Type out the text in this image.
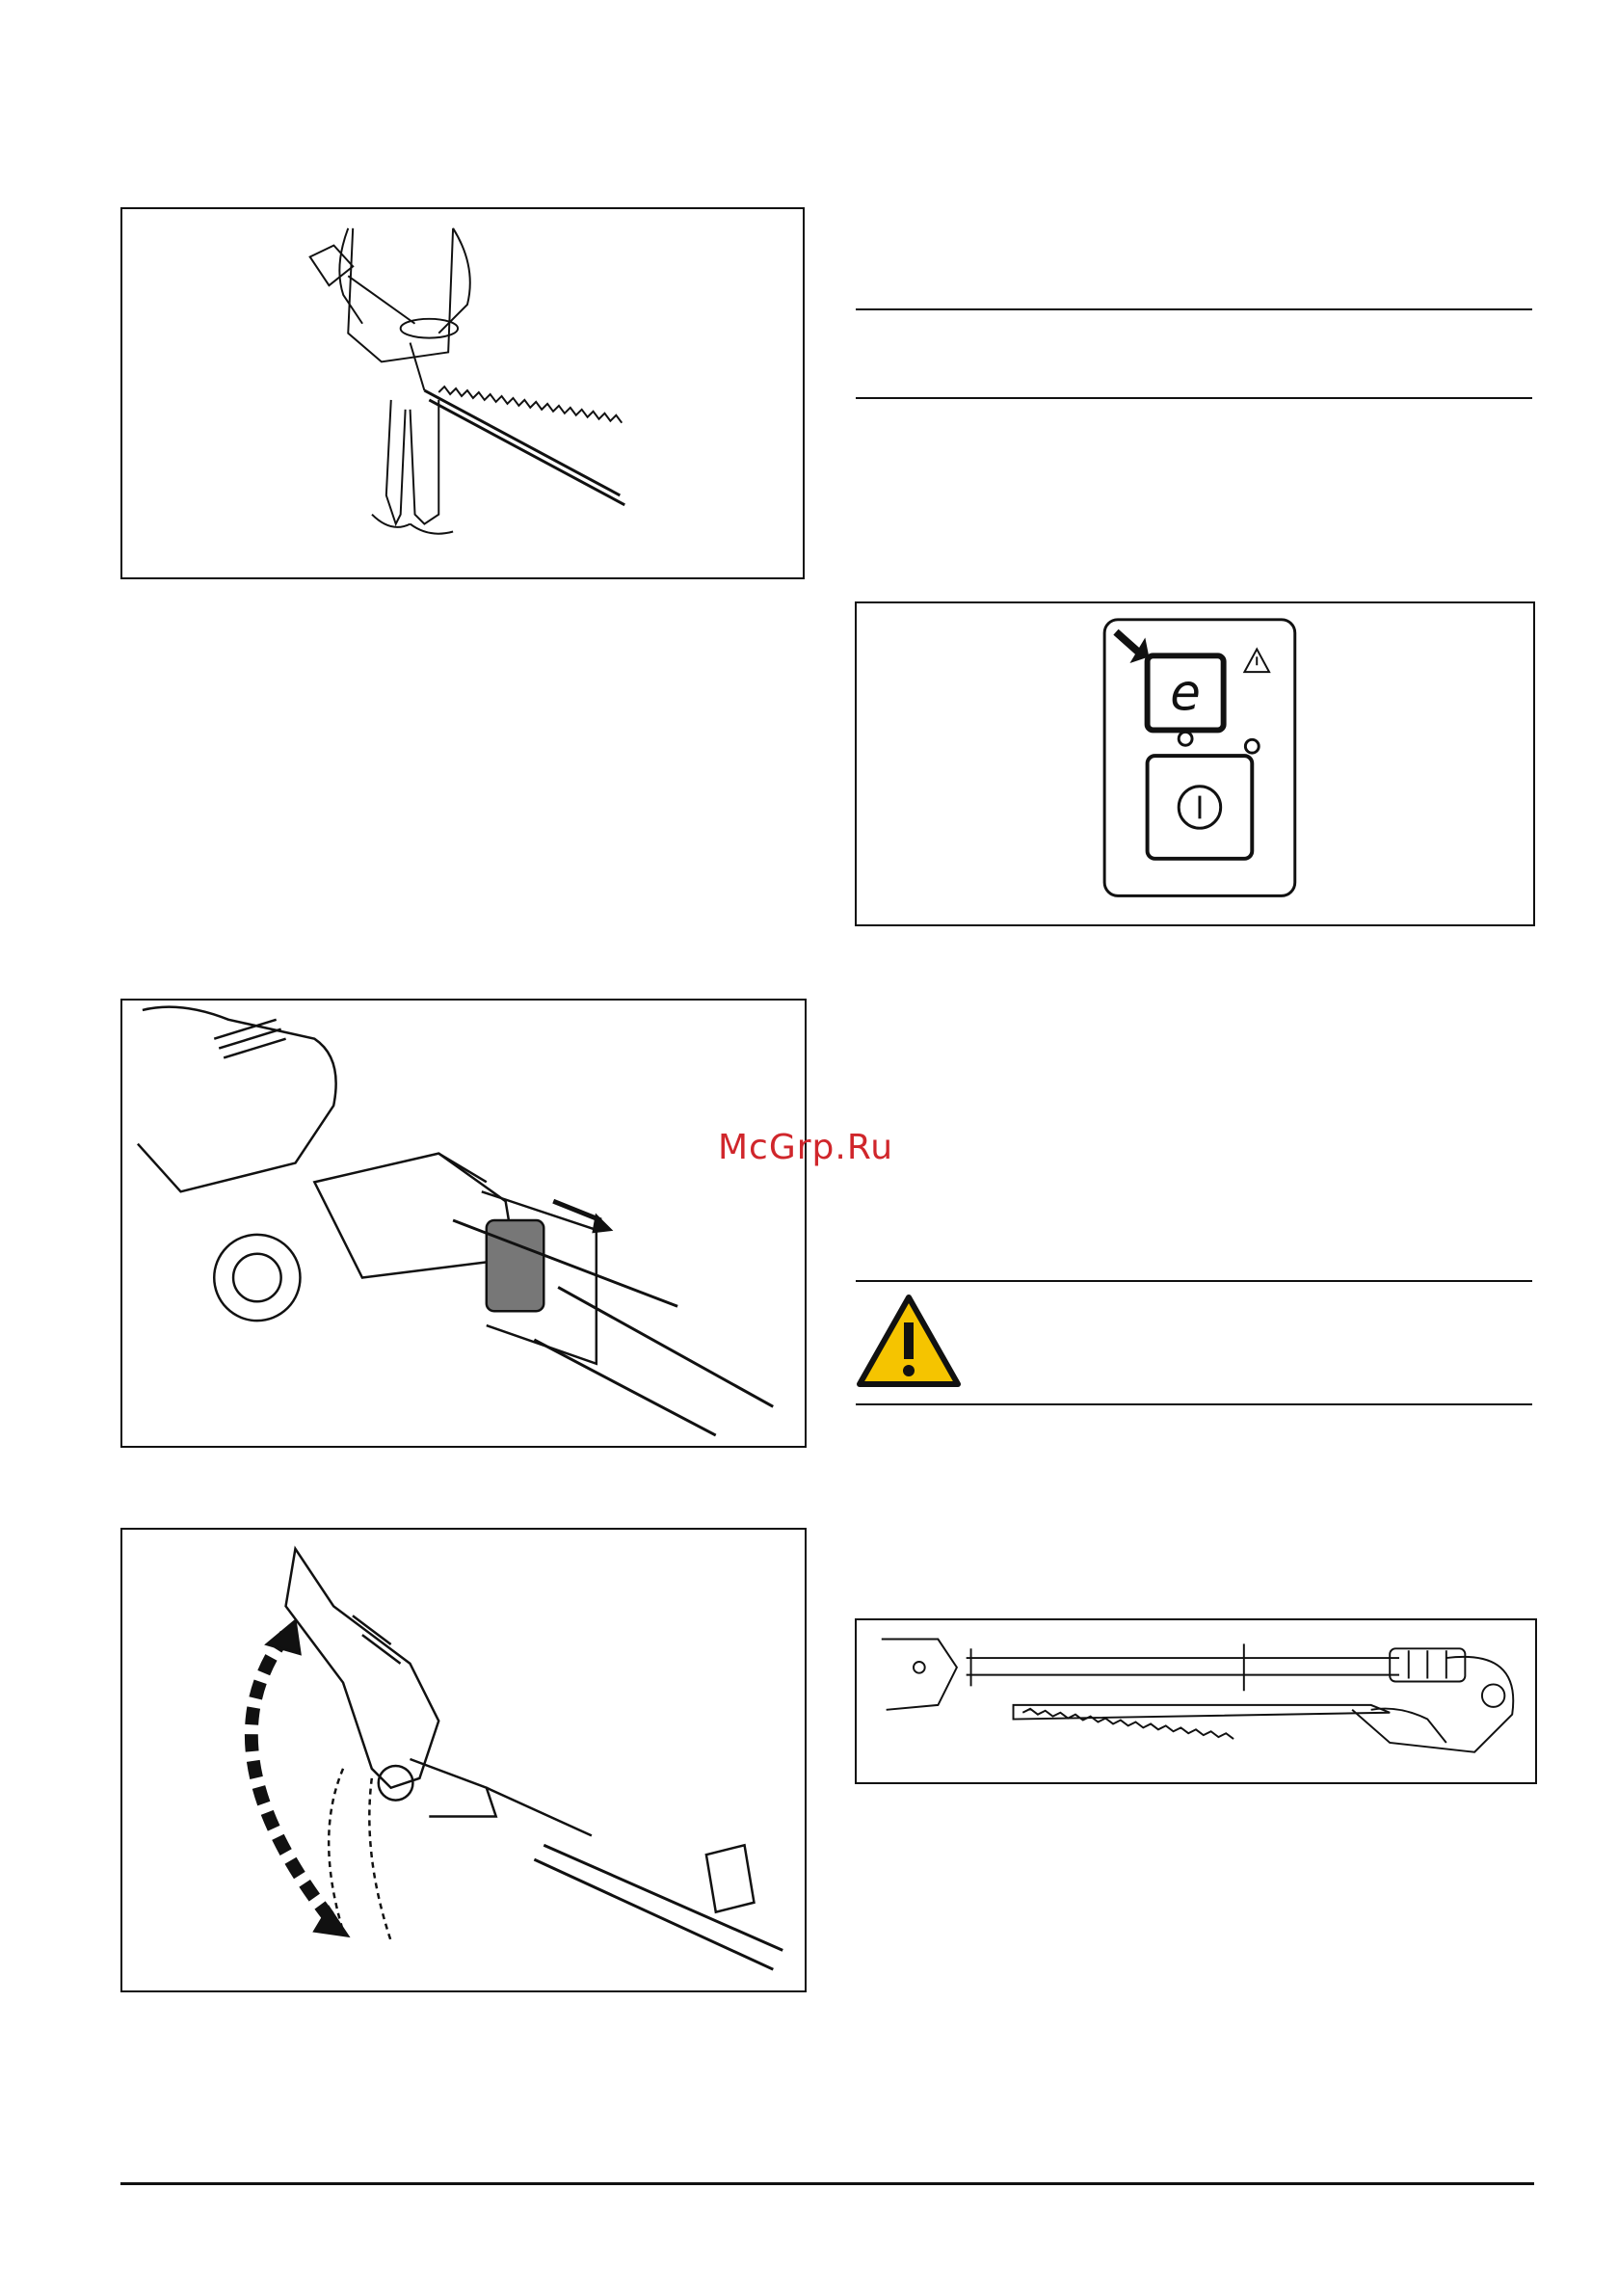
e
McGrp.Ru
